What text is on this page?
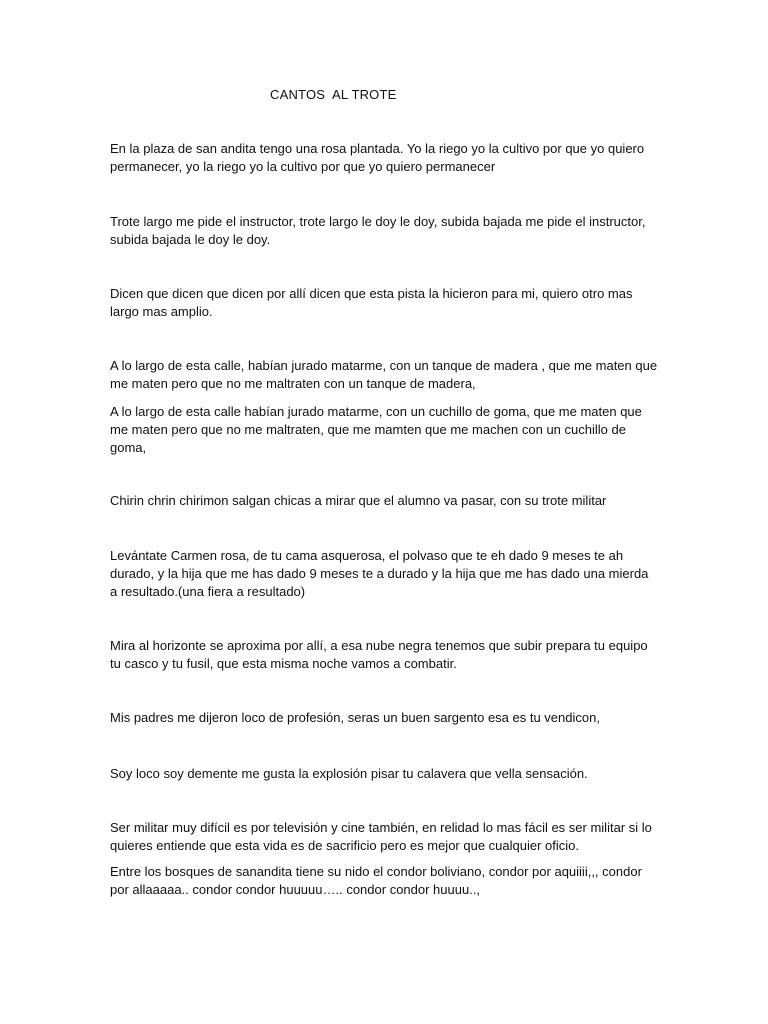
CANTOS  AL TROTE

En la plaza de san andita tengo una rosa plantada. Yo la riego yo la cultivo por que yo quiero permanecer, yo la riego yo la cultivo por que yo quiero permanecer

Trote largo me pide el instructor, trote largo le doy le doy, subida bajada me pide el instructor, subida bajada le doy le doy.

Dicen que dicen que dicen por allí dicen que esta pista la hicieron para mi, quiero otro mas largo mas amplio.

A lo largo de esta calle, habían jurado matarme, con un tanque de madera , que me maten que me maten pero que no me maltraten con un tanque de madera,

A lo largo de esta calle habían jurado matarme, con un cuchillo de goma, que me maten que me maten pero que no me maltraten, que me mamten que me machen con un cuchillo de goma,

Chirin chrin chirimon salgan chicas a mirar que el alumno va pasar, con su trote militar

Levántate Carmen rosa, de tu cama asquerosa, el polvaso que te eh dado 9 meses te ah durado, y la hija que me has dado 9 meses te a durado y la hija que me has dado una mierda a resultado.(una fiera a resultado)

Mira al horizonte se aproxima por allí, a esa nube negra tenemos que subir prepara tu equipo tu casco y tu fusil, que esta misma noche vamos a combatir.

Mis padres me dijeron loco de profesión, seras un buen sargento esa es tu vendicon,

Soy loco soy demente me gusta la explosión pisar tu calavera que vella sensación.

Ser militar muy difícil es por televisión y cine también, en relidad lo mas fácil es ser militar si lo quieres entiende que esta vida es de sacrificio pero es mejor que cualquier oficio.

Entre los bosques de sanandita tiene su nido el condor boliviano, condor por aquiiii,,, condor por allaaaaa.. condor condor huuuuu….. condor condor huuuu..,
